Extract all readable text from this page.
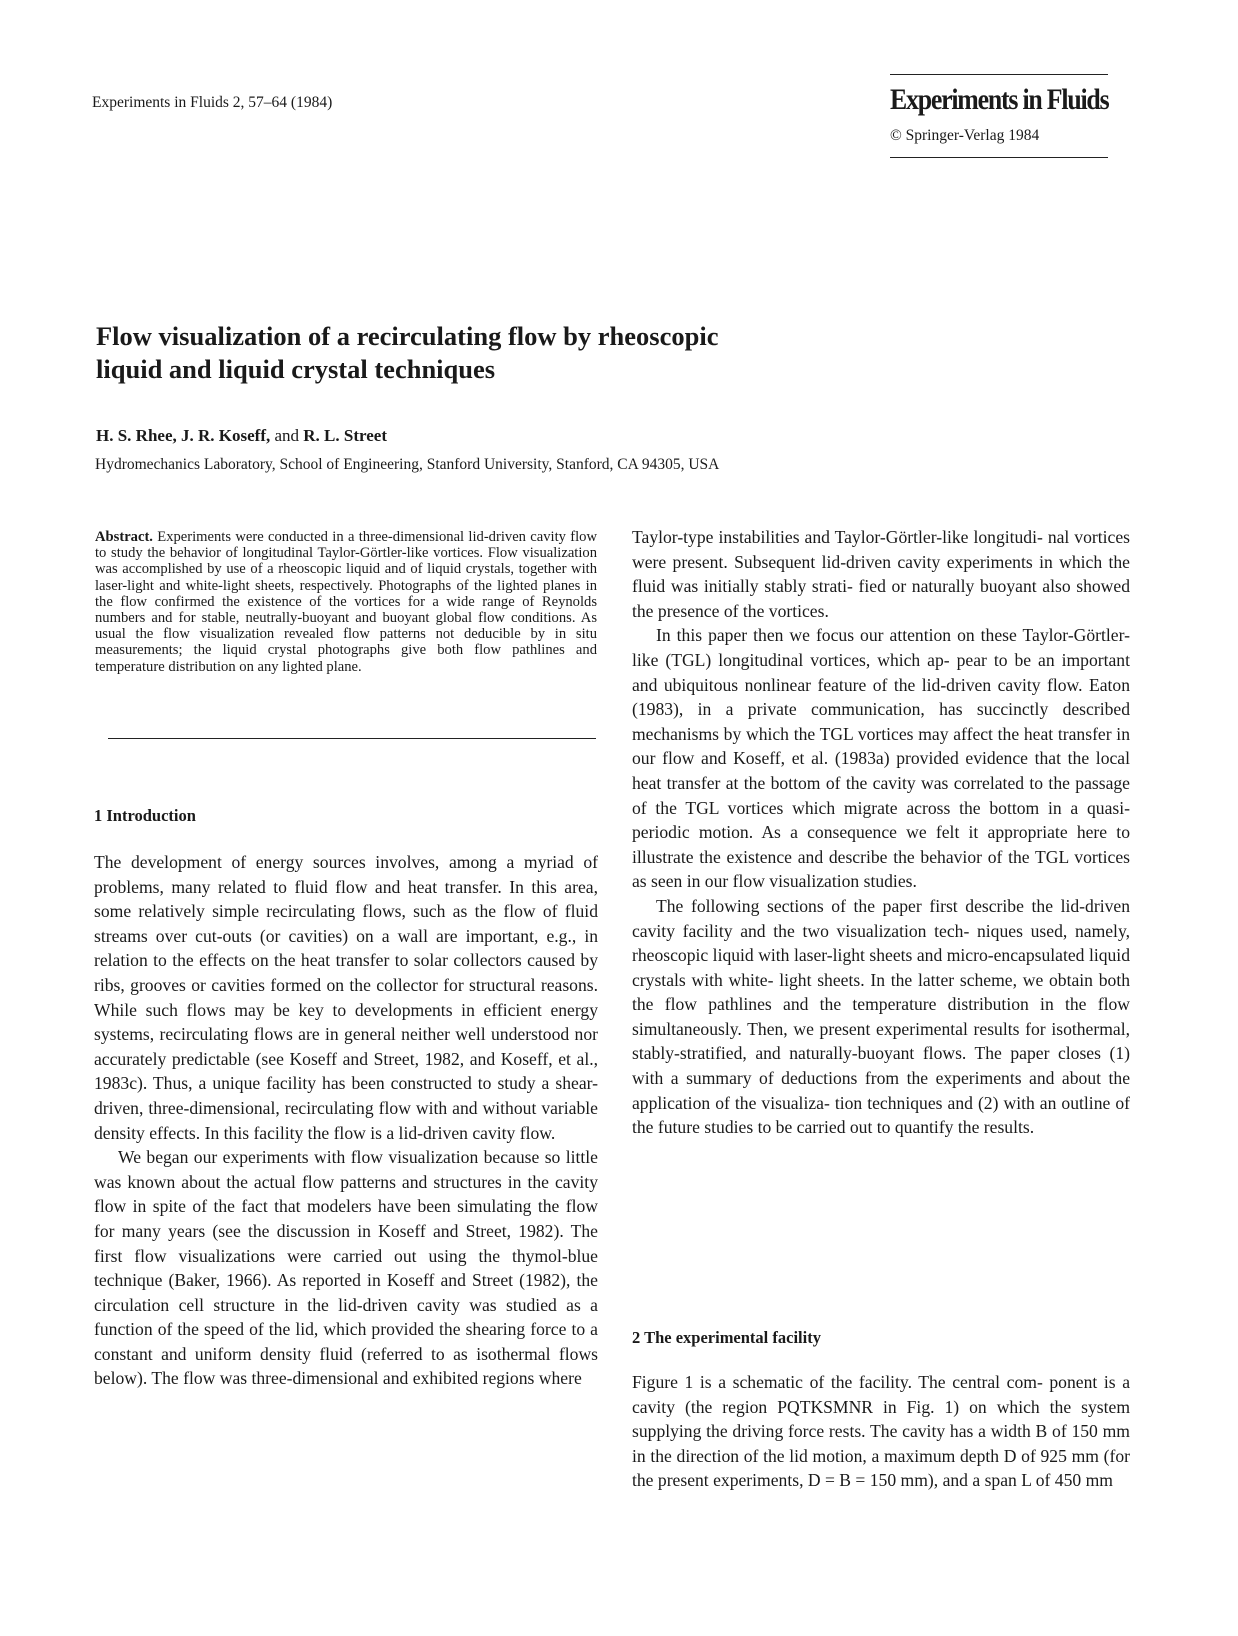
Experiments in Fluids 2, 57–64 (1984)	Experiments in Fluids
© Springer-Verlag 1984
Flow visualization of a recirculating flow by rheoscopic
liquid and liquid crystal techniques
H. S. Rhee, J. R. Koseff, and R. L. Street
Hydromechanics Laboratory, School of Engineering, Stanford University, Stanford, CA 94305, USA
Abstract. Experiments were conducted in a three-dimensional lid-driven cavity flow to study the behavior of longitudinal Taylor-Görtler-like vortices. Flow visualization was accomplished by use of a rheoscopic liquid and of liquid crystals, together with laser-light and white-light sheets, respectively. Photographs of the lighted planes in the flow confirmed the existence of the vortices for a wide range of Reynolds numbers and for stable, neutrally-buoyant and buoyant global flow conditions. As usual the flow visualization revealed flow patterns not deducible by in situ measurements; the liquid crystal photographs give both flow pathlines and temperature distribution on any lighted plane.
1 Introduction

The development of energy sources involves, among a myriad of problems, many related to fluid flow and heat transfer. In this area, some relatively simple recirculating flows, such as the flow of fluid streams over cut-outs (or cavities) on a wall are important, e.g., in relation to the effects on the heat transfer to solar collectors caused by ribs, grooves or cavities formed on the collector for structural reasons. While such flows may be key to developments in efficient energy systems, recirculating flows are in general neither well understood nor accurately predictable (see Koseff and Street, 1982, and Koseff, et al., 1983c). Thus, a unique facility has been constructed to study a shear-driven, three-dimensional, recirculating flow with and without variable density effects. In this facility the flow is a lid-driven cavity flow.

We began our experiments with flow visualization because so little was known about the actual flow patterns and structures in the cavity flow in spite of the fact that modelers have been simulating the flow for many years (see the discussion in Koseff and Street, 1982). The first flow visualizations were carried out using the thymol-blue technique (Baker, 1966). As reported in Koseff and Street (1982), the circulation cell structure in the lid-driven cavity was studied as a function of the speed of the lid, which provided the shearing force to a constant and uniform density fluid (referred to as isothermal flows below). The flow was three-dimensional and exhibited regions where

Taylor-type instabilities and Taylor-Görtler-like longitudi- nal vortices were present. Subsequent lid-driven cavity experiments in which the fluid was initially stably strati- fied or naturally buoyant also showed the presence of the vortices.

In this paper then we focus our attention on these Taylor-Görtler-like (TGL) longitudinal vortices, which ap- pear to be an important and ubiquitous nonlinear feature of the lid-driven cavity flow. Eaton (1983), in a private communication, has succinctly described mechanisms by which the TGL vortices may affect the heat transfer in our flow and Koseff, et al. (1983a) provided evidence that the local heat transfer at the bottom of the cavity was correlated to the passage of the TGL vortices which migrate across the bottom in a quasi-periodic motion. As a consequence we felt it appropriate here to illustrate the existence and describe the behavior of the TGL vortices as seen in our flow visualization studies.

The following sections of the paper first describe the lid-driven cavity facility and the two visualization tech- niques used, namely, rheoscopic liquid with laser-light sheets and micro-encapsulated liquid crystals with white- light sheets. In the latter scheme, we obtain both the flow pathlines and the temperature distribution in the flow simultaneously. Then, we present experimental results for isothermal, stably-stratified, and naturally-buoyant flows. The paper closes (1) with a summary of deductions from the experiments and about the application of the visualiza- tion techniques and (2) with an outline of the future studies to be carried out to quantify the results.

2 The experimental facility

Figure 1 is a schematic of the facility. The central com- ponent is a cavity (the region PQTKSMNR in Fig. 1) on which the system supplying the driving force rests. The cavity has a width B of 150 mm in the direction of the lid motion, a maximum depth D of 925 mm (for the present experiments, D = B = 150 mm), and a span L of 450 mm
